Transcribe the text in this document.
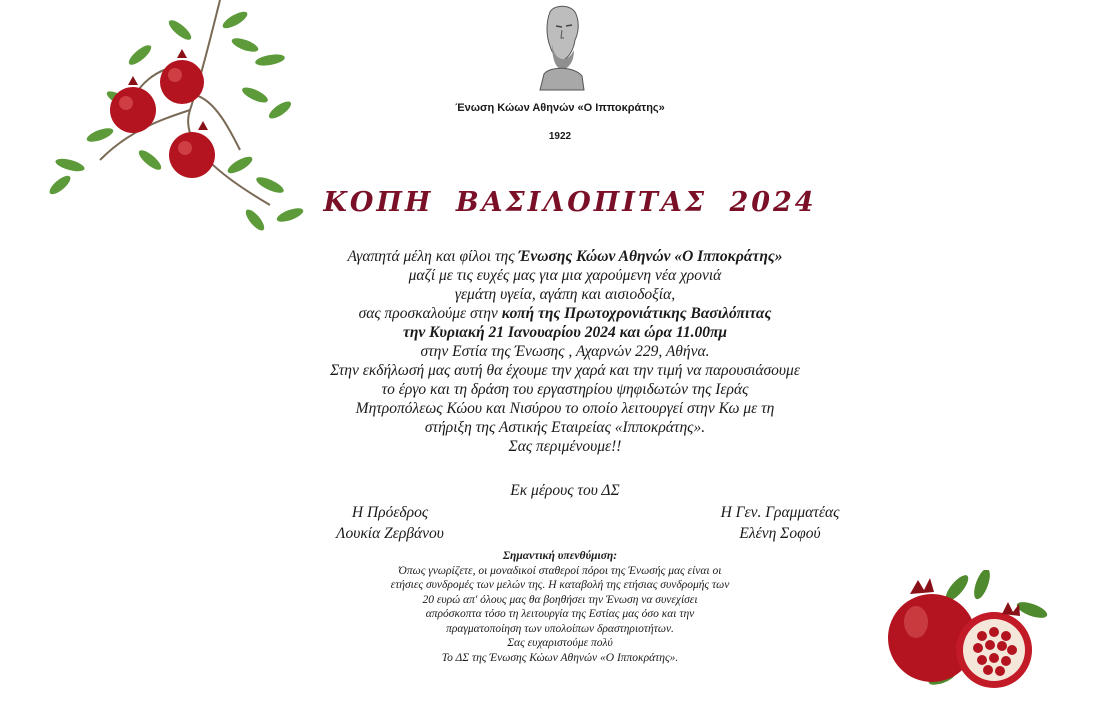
Ένωση Κώων Αθηνών «Ο Ιπποκράτης»
1922
ΚΟΠΗ ΒΑΣΙΛΟΠΙΤΑΣ 2024
Αγαπητά μέλη και φίλοι της Ένωσης Κώων Αθηνών «Ο Ιπποκράτης»
μαζί με τις ευχές μας για μια χαρούμενη νέα χρονιά
γεμάτη υγεία, αγάπη και αισιοδοξία,
σας προσκαλούμε στην κοπή της Πρωτοχρονιάτικης Βασιλόπιτας
την Κυριακή 21 Ιανουαρίου 2024 και ώρα 11.00πμ
στην Εστία της Ένωσης , Αχαρνών 229, Αθήνα.
Στην εκδήλωσή μας αυτή θα έχουμε την χαρά και την τιμή να παρουσιάσουμε
το έργο και τη δράση του εργαστηρίου ψηφιδωτών της Ιεράς
Μητροπόλεως Κώου και Νισύρου το οποίο λειτουργεί στην Κω με τη
στήριξη της Αστικής Εταιρείας «Ιπποκράτης».
Σας περιμένουμε!!
Εκ μέρους του ΔΣ
Η Πρόεδρος
Λουκία Ζερβάνου
Η Γεν. Γραμματέας
Ελένη Σοφού
Σημαντική υπενθύμιση:
Όπως γνωρίζετε, οι μοναδικοί σταθεροί πόροι της Ένωσής μας είναι οι
ετήσιες συνδρομές των μελών της. Η καταβολή της ετήσιας συνδρομής των
20 ευρώ απ' όλους μας θα βοηθήσει την Ένωση να συνεχίσει
απρόσκοπτα τόσο τη λειτουργία της Εστίας μας όσο και την
πραγματοποίηση των υπολοίπων δραστηριοτήτων.
Σας ευχαριστούμε πολύ
Το ΔΣ της Ένωσης Κώων Αθηνών «Ο Ιπποκράτης».
